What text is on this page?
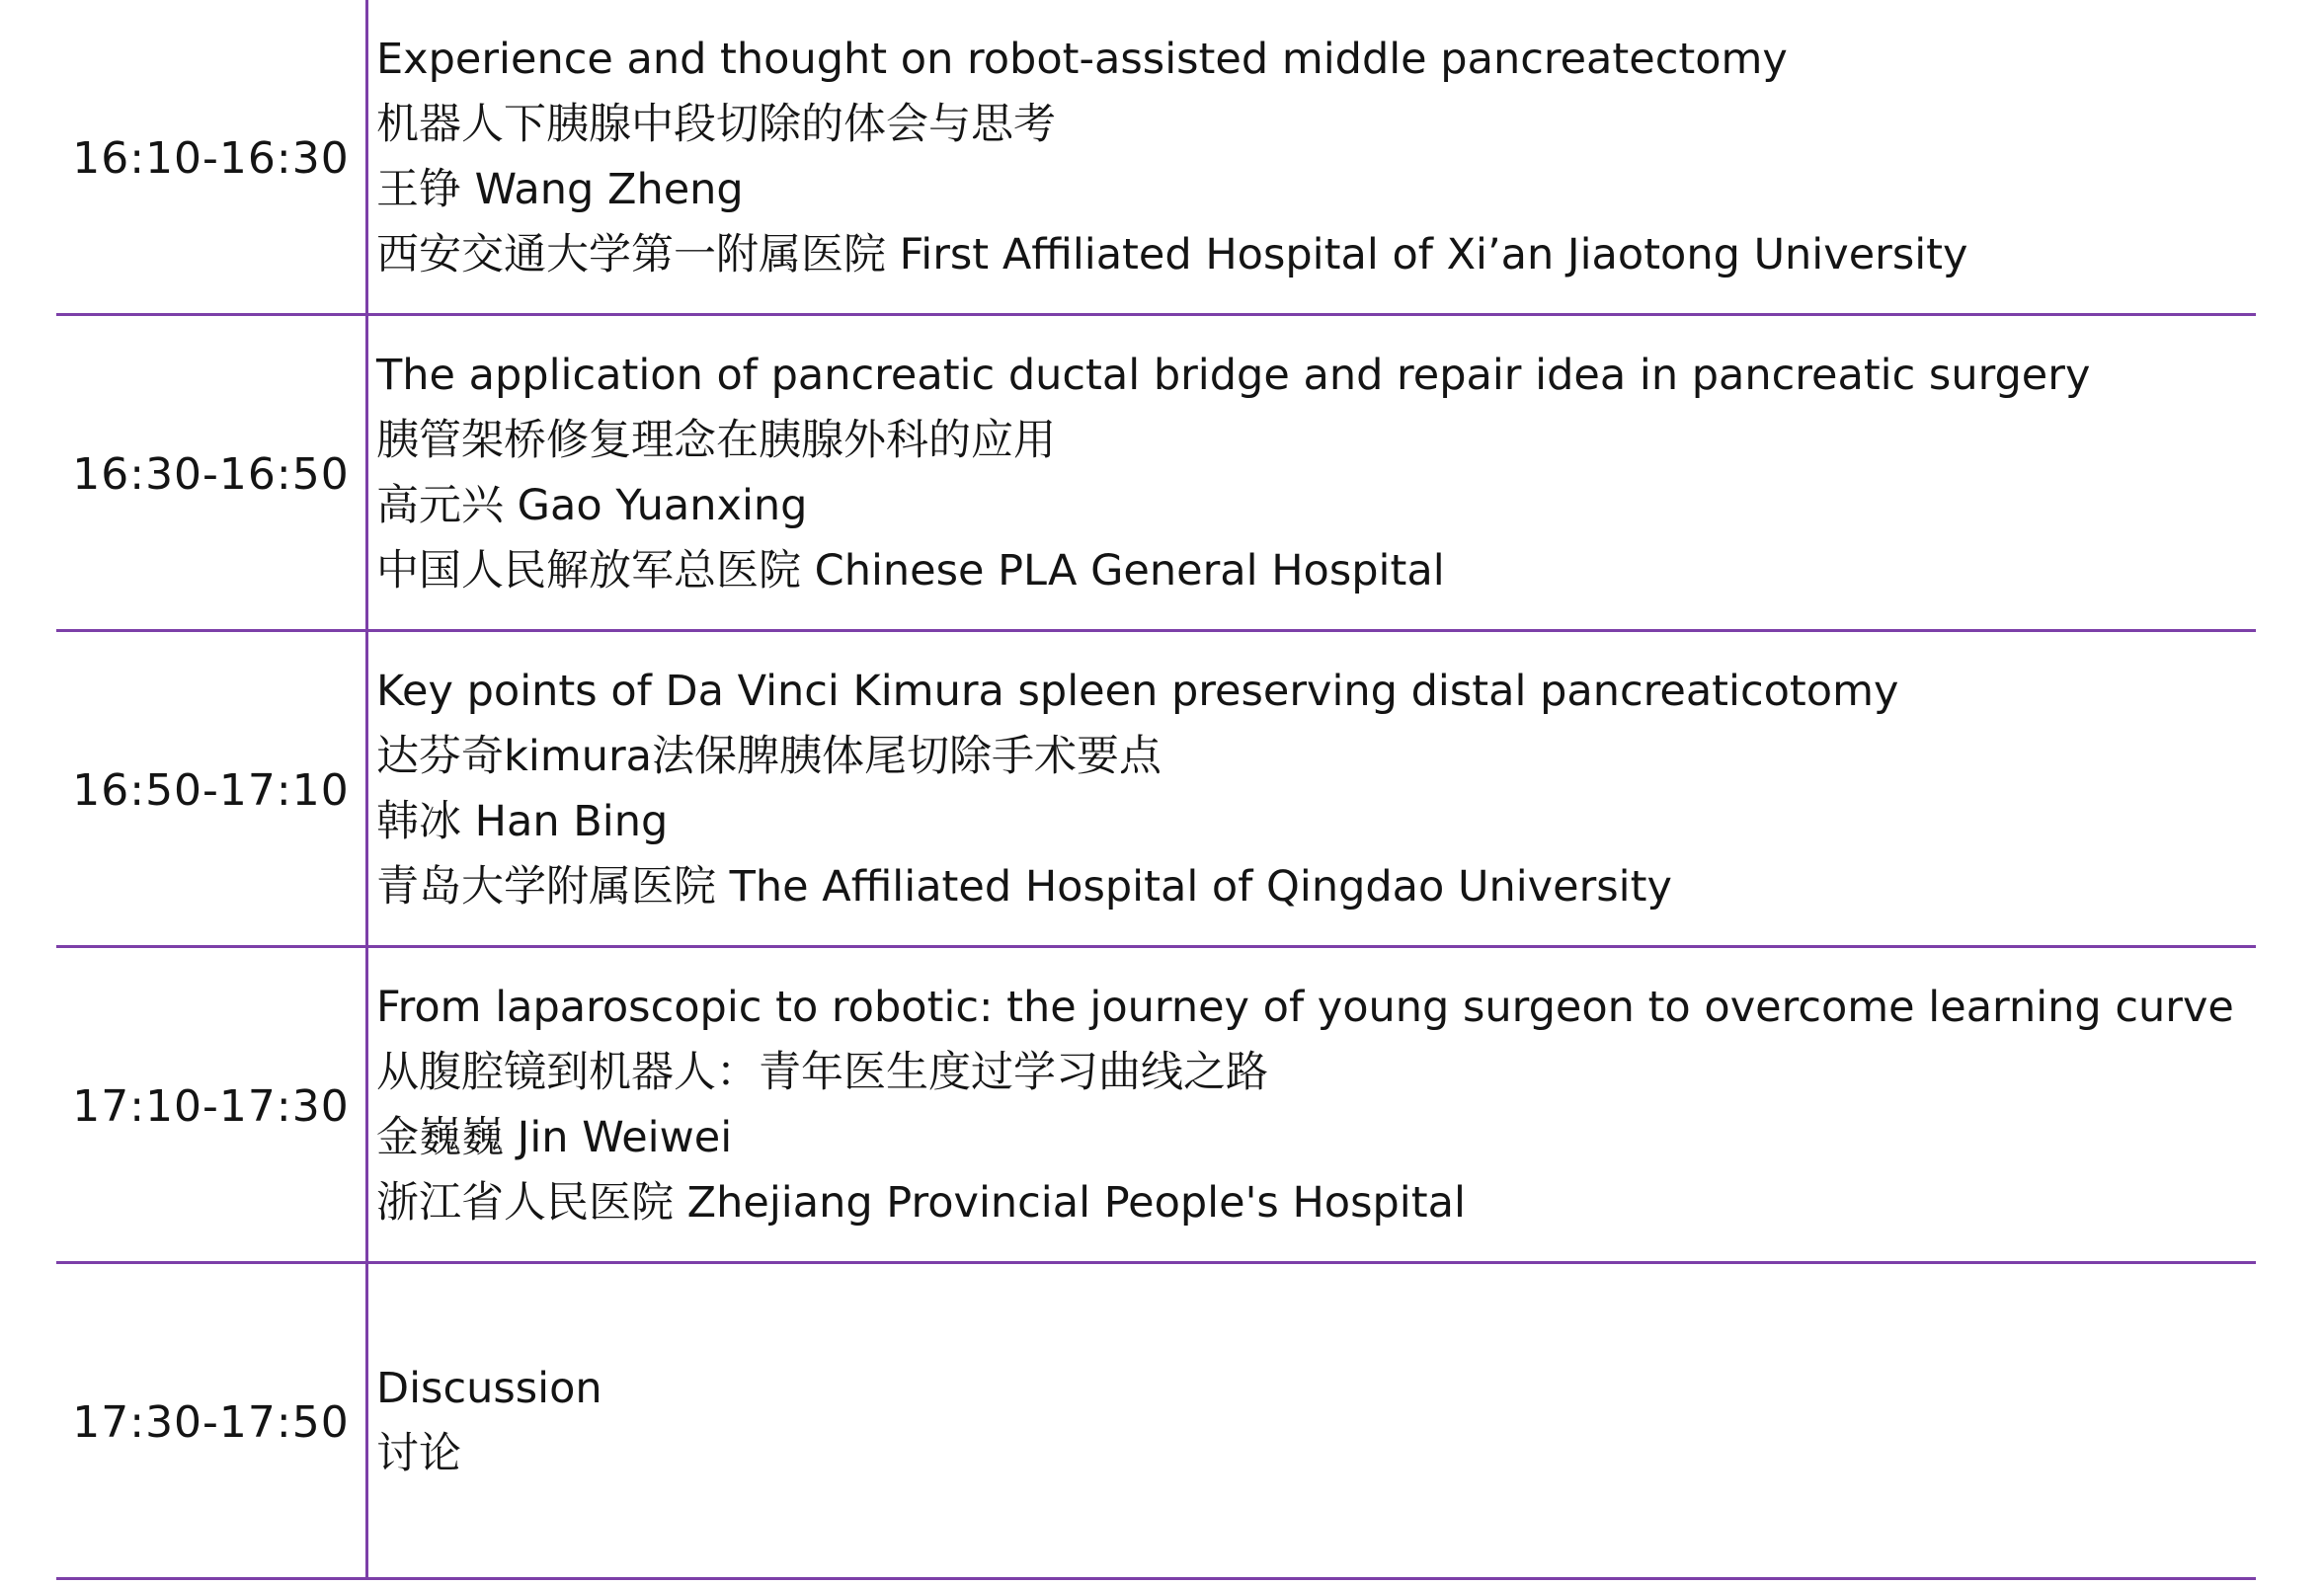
16:10-16:30
Experience and thought on robot-assisted middle pancreatectomy
机器人下胰腺中段切除的体会与思考
王铮 Wang Zheng
西安交通大学第一附属医院 First Affiliated Hospital of Xi’an Jiaotong University
16:30-16:50
The application of pancreatic ductal bridge and repair idea in pancreatic surgery
胰管架桥修复理念在胰腺外科的应用
高元兴 Gao Yuanxing
中国人民解放军总医院 Chinese PLA General Hospital
16:50-17:10
Key points of Da Vinci Kimura spleen preserving distal pancreaticotomy
达芬奇kimura法保脾胰体尾切除手术要点
韩冰 Han Bing
青岛大学附属医院 The Affiliated Hospital of Qingdao University
17:10-17:30
From laparoscopic to robotic: the journey of young surgeon to overcome learning curve
从腹腔镜到机器人：青年医生度过学习曲线之路
金巍巍 Jin Weiwei
浙江省人民医院 Zhejiang Provincial People's Hospital
17:30-17:50
Discussion
讨论
